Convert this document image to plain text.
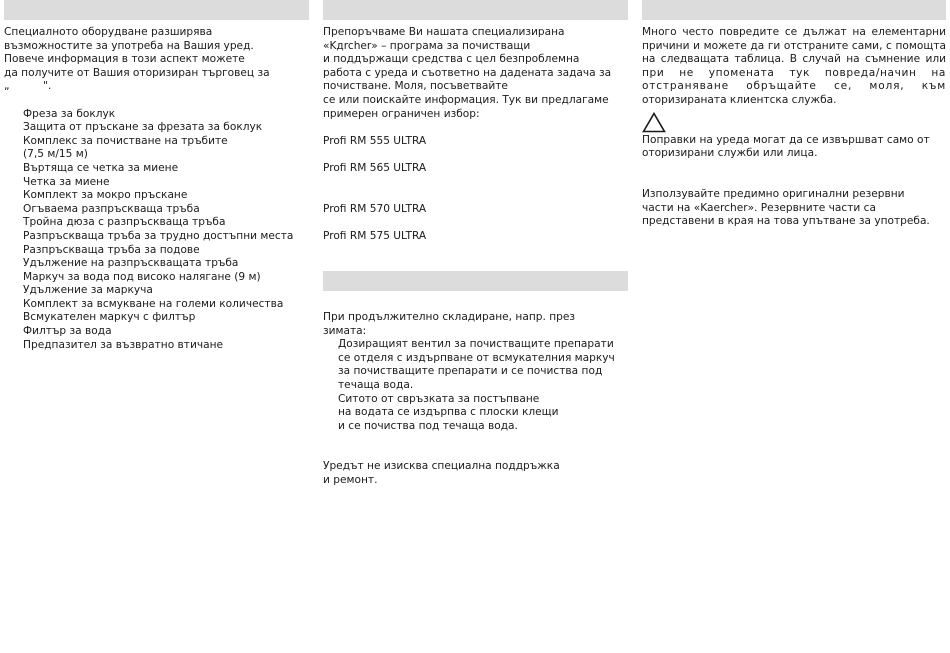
Специалното оборудване разширява
възможностите за употреба на Вашия уред.
Повече информация в този аспект можете
да получите от Вашия оторизиран търговец за
„          ".
Фреза за боклук
Защита от пръскане за фрезата за боклук
Комплекс за почистване на тръбите
(7,5 м/15 м)
Въртяща се четка за миене
Четка за миене
Комплект за мокро пръскане
Огъваема разпръскваща тръба
Тройна дюза с разпръскваща тръба
Разпръскваща тръба за трудно достъпни места
Разпръскваща тръба за подове
Удължение на разпръскващата тръба
Маркуч за вода под високо налягане (9 м)
Удължение за маркуча
Комплект за всмукване на големи количества
Всмукателен маркуч с филтър
Филтър за вода
Предпазител за възвратно втичане
Препоръчваме Ви нашата специализирана
«Kдrcher» – програма за почистващи
и поддържащи средства с цел безпроблемна
работа с уреда и съответно на дадената задача за
почистване. Моля, посъветвайте
се или поискайте информация. Тук ви предлагаме
примерен ограничен избор:
Profi RM 555 ULTRA
Profi RM 565 ULTRA
Profi RM 570 ULTRA
Profi RM 575 ULTRA
При продължително складиране, напр. през
зимата:
Дозиращият вентил за почистващите препарати
се отделя с издърпване от всмукателния маркуч
за почистващите препарати и се почиства под
течаща вода.
Ситото от свръзката за постъпване
на водата се издърпва с плоски клещи
и се почиства под течаща вода.
Уредът не изисква специална поддръжка
и ремонт.
Много често повредите се дължат на елементарни
причини и можете да ги отстраните сами, с помощта
на следващата таблица. В случай на съмнение или
при не упомената тук повреда/начин на
отстраняване обръщайте се, моля, към
оторизираната клиентска служба.
Поправки на уреда могат да се извършват само от
оторизирани служби или лица.
Използувайте предимно оригинални резервни
части на «Kaercher». Резервните части са
представени в края на това упътване за употреба.
